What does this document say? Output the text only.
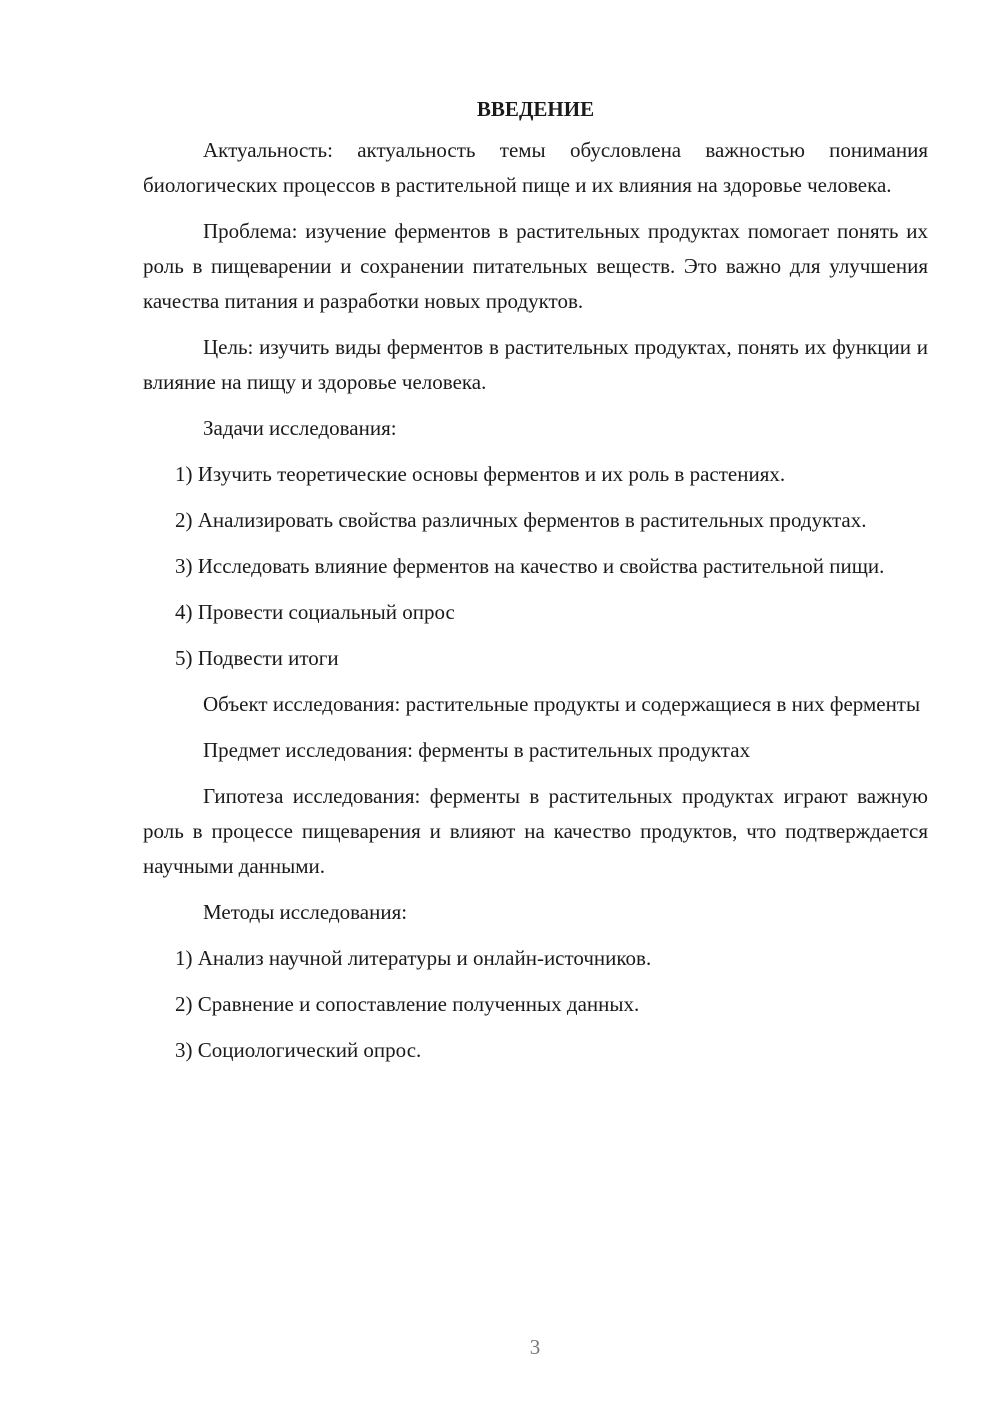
ВВЕДЕНИЕ

Актуальность: актуальность темы обусловлена важностью понимания биологических процессов в растительной пище и их влияния на здоровье человека.

Проблема: изучение ферментов в растительных продуктах помогает понять их роль в пищеварении и сохранении питательных веществ. Это важно для улучшения качества питания и разработки новых продуктов.

Цель: изучить виды ферментов в растительных продуктах, понять их функции и влияние на пищу и здоровье человека.

Задачи исследования:

1) Изучить теоретические основы ферментов и их роль в растениях.

2) Анализировать свойства различных ферментов в растительных продуктах.

3) Исследовать влияние ферментов на качество и свойства растительной пищи.

4) Провести социальный опрос

5) Подвести итоги

Объект исследования: растительные продукты и содержащиеся в них ферменты

Предмет исследования: ферменты в растительных продуктах

Гипотеза исследования: ферменты в растительных продуктах играют важную роль в процессе пищеварения и влияют на качество продуктов, что подтверждается научными данными.

Методы исследования:

1) Анализ научной литературы и онлайн-источников.

2) Сравнение и сопоставление полученных данных.

3) Социологический опрос.

3
